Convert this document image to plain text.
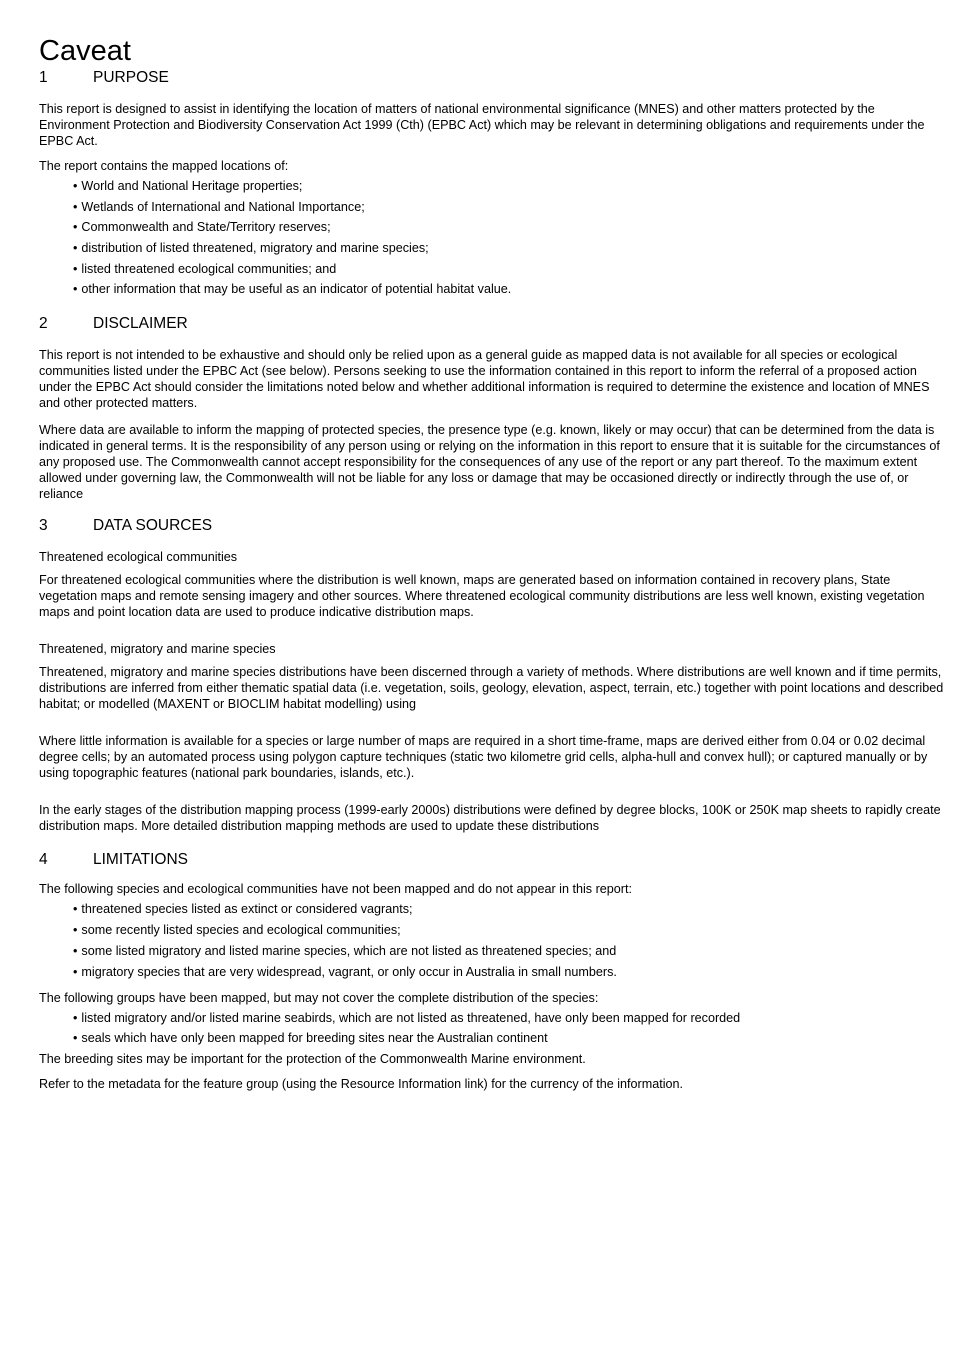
Caveat
1	PURPOSE

This report is designed to assist in identifying the location of matters of national environmental significance (MNES) and other matters protected by the Environment Protection and Biodiversity Conservation Act 1999 (Cth) (EPBC Act) which may be relevant in determining obligations and requirements under the EPBC Act.

The report contains the mapped locations of:

• World and National Heritage properties;
• Wetlands of International and National Importance;
• Commonwealth and State/Territory reserves;
• distribution of listed threatened, migratory and marine species;
• listed threatened ecological communities; and
• other information that may be useful as an indicator of potential habitat value.
2	DISCLAIMER

This report is not intended to be exhaustive and should only be relied upon as a general guide as mapped data is not available for all species or ecological communities listed under the EPBC Act (see below). Persons seeking to use the information contained in this report to inform the referral of a proposed action under the EPBC Act should consider the limitations noted below and whether additional information is required to determine the existence and location of MNES and other protected matters.

Where data are available to inform the mapping of protected species, the presence type (e.g. known, likely or may occur) that can be determined from the data is indicated in general terms. It is the responsibility of any person using or relying on the information in this report to ensure that it is suitable for the circumstances of any proposed use. The Commonwealth cannot accept responsibility for the consequences of any use of the report or any part thereof. To the maximum extent allowed under governing law, the Commonwealth will not be liable for any loss or damage that may be occasioned directly or indirectly through the use of, or reliance

3	DATA SOURCES

Threatened ecological communities

For threatened ecological communities where the distribution is well known, maps are generated based on information contained in recovery plans, State vegetation maps and remote sensing imagery and other sources. Where threatened ecological community distributions are less well known, existing vegetation maps and point location data are used to produce indicative distribution maps.

Threatened, migratory and marine species

Threatened, migratory and marine species distributions have been discerned through a variety of methods. Where distributions are well known and if time permits, distributions are inferred from either thematic spatial data (i.e. vegetation, soils, geology, elevation, aspect, terrain, etc.) together with point locations and described habitat; or modelled (MAXENT or BIOCLIM habitat modelling) using

Where little information is available for a species or large number of maps are required in a short time-frame, maps are derived either from 0.04 or 0.02 decimal degree cells; by an automated process using polygon capture techniques (static two kilometre grid cells, alpha-hull and convex hull); or captured manually or by using topographic features (national park boundaries, islands, etc.).

In the early stages of the distribution mapping process (1999-early 2000s) distributions were defined by degree blocks, 100K or 250K map sheets to rapidly create distribution maps. More detailed distribution mapping methods are used to update these distributions

4	LIMITATIONS

The following species and ecological communities have not been mapped and do not appear in this report:

• threatened species listed as extinct or considered vagrants;
• some recently listed species and ecological communities;
• some listed migratory and listed marine species, which are not listed as threatened species; and
• migratory species that are very widespread, vagrant, or only occur in Australia in small numbers.

The following groups have been mapped, but may not cover the complete distribution of the species:

• listed migratory and/or listed marine seabirds, which are not listed as threatened, have only been mapped for recorded
• seals which have only been mapped for breeding sites near the Australian continent

The breeding sites may be important for the protection of the Commonwealth Marine environment.

Refer to the metadata for the feature group (using the Resource Information link) for the currency of the information.
